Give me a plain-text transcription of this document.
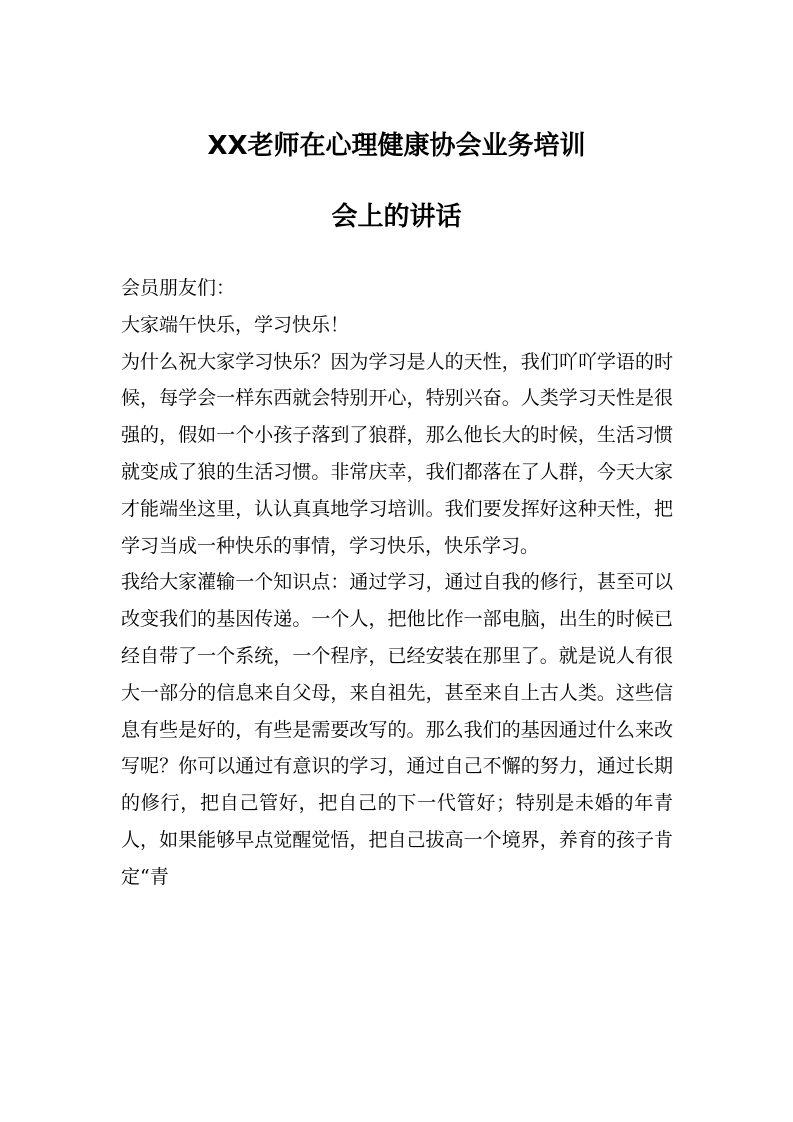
XX老师在心理健康协会业务培训
会上的讲话

会员朋友们：

大家端午快乐，学习快乐！

为什么祝大家学习快乐？因为学习是人的天性，我们吖吖学语的时候，每学会一样东西就会特别开心，特别兴奋。人类学习天性是很强的，假如一个小孩子落到了狼群，那么他长大的时候，生活习惯就变成了狼的生活习惯。非常庆幸，我们都落在了人群，今天大家才能端坐这里，认认真真地学习培训。我们要发挥好这种天性，把学习当成一种快乐的事情，学习快乐，快乐学习。

我给大家灌输一个知识点：通过学习，通过自我的修行，甚至可以改变我们的基因传递。一个人，把他比作一部电脑，出生的时候已经自带了一个系统，一个程序，已经安装在那里了。就是说人有很大一部分的信息来自父母，来自祖先，甚至来自上古人类。这些信息有些是好的，有些是需要改写的。那么我们的基因通过什么来改写呢？你可以通过有意识的学习，通过自己不懈的努力，通过长期的修行，把自己管好，把自己的下一代管好；特别是未婚的年青人，如果能够早点觉醒觉悟，把自己拔高一个境界，养育的孩子肯定“青
